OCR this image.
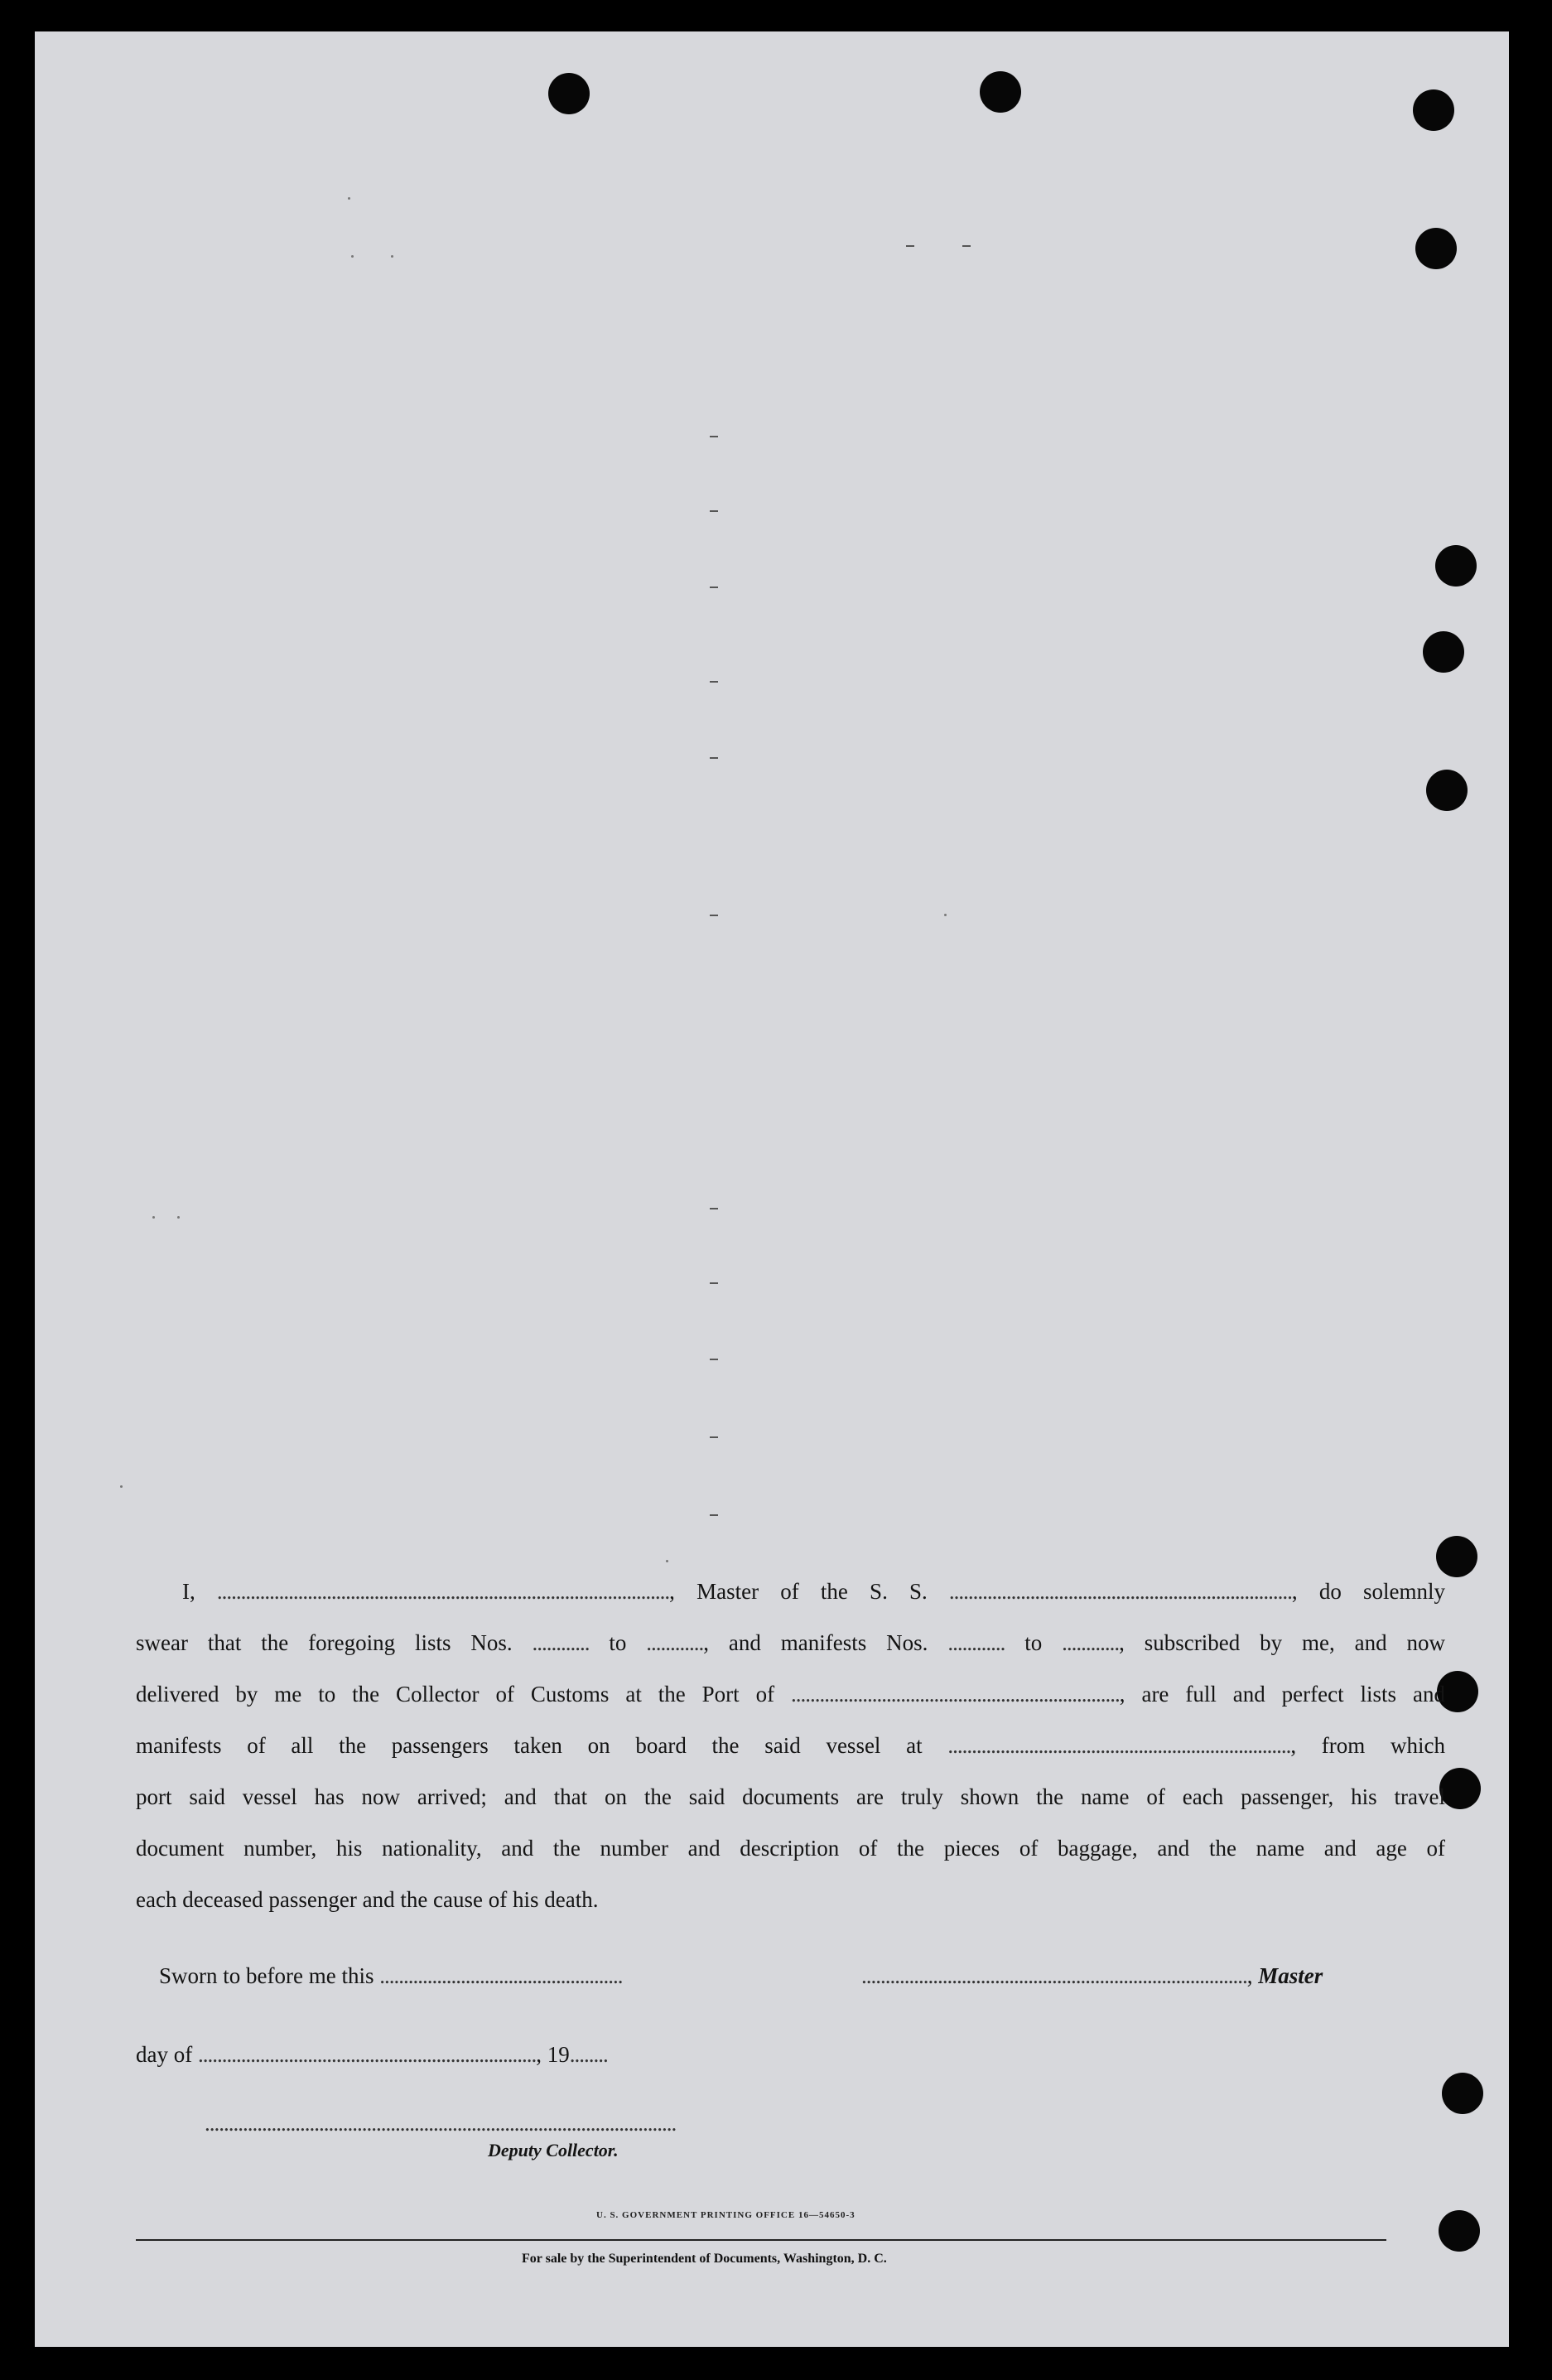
I, ..............................................................................................., Master of the S. S. ........................................................................, do solemnly
swear that the foregoing lists Nos. ............ to ............, and manifests Nos. ............ to ............, subscribed by me, and now
delivered by me to the Collector of Customs at the Port of ....................................................................., are full and perfect lists and
manifests of all the passengers taken on board the said vessel at ........................................................................, from which
port said vessel has now arrived; and that on the said documents are truly shown the name of each passenger, his travel
document number, his nationality, and the number and description of the pieces of baggage, and the name and age of
each deceased passenger and the cause of his death.
Sworn to before me this ...................................................	................................................................................., Master
day of ......................................................................., 19........
...................................................................................................
Deputy Collector.
U. S. GOVERNMENT PRINTING OFFICE 16—54650-3
For sale by the Superintendent of Documents, Washington, D. C.
